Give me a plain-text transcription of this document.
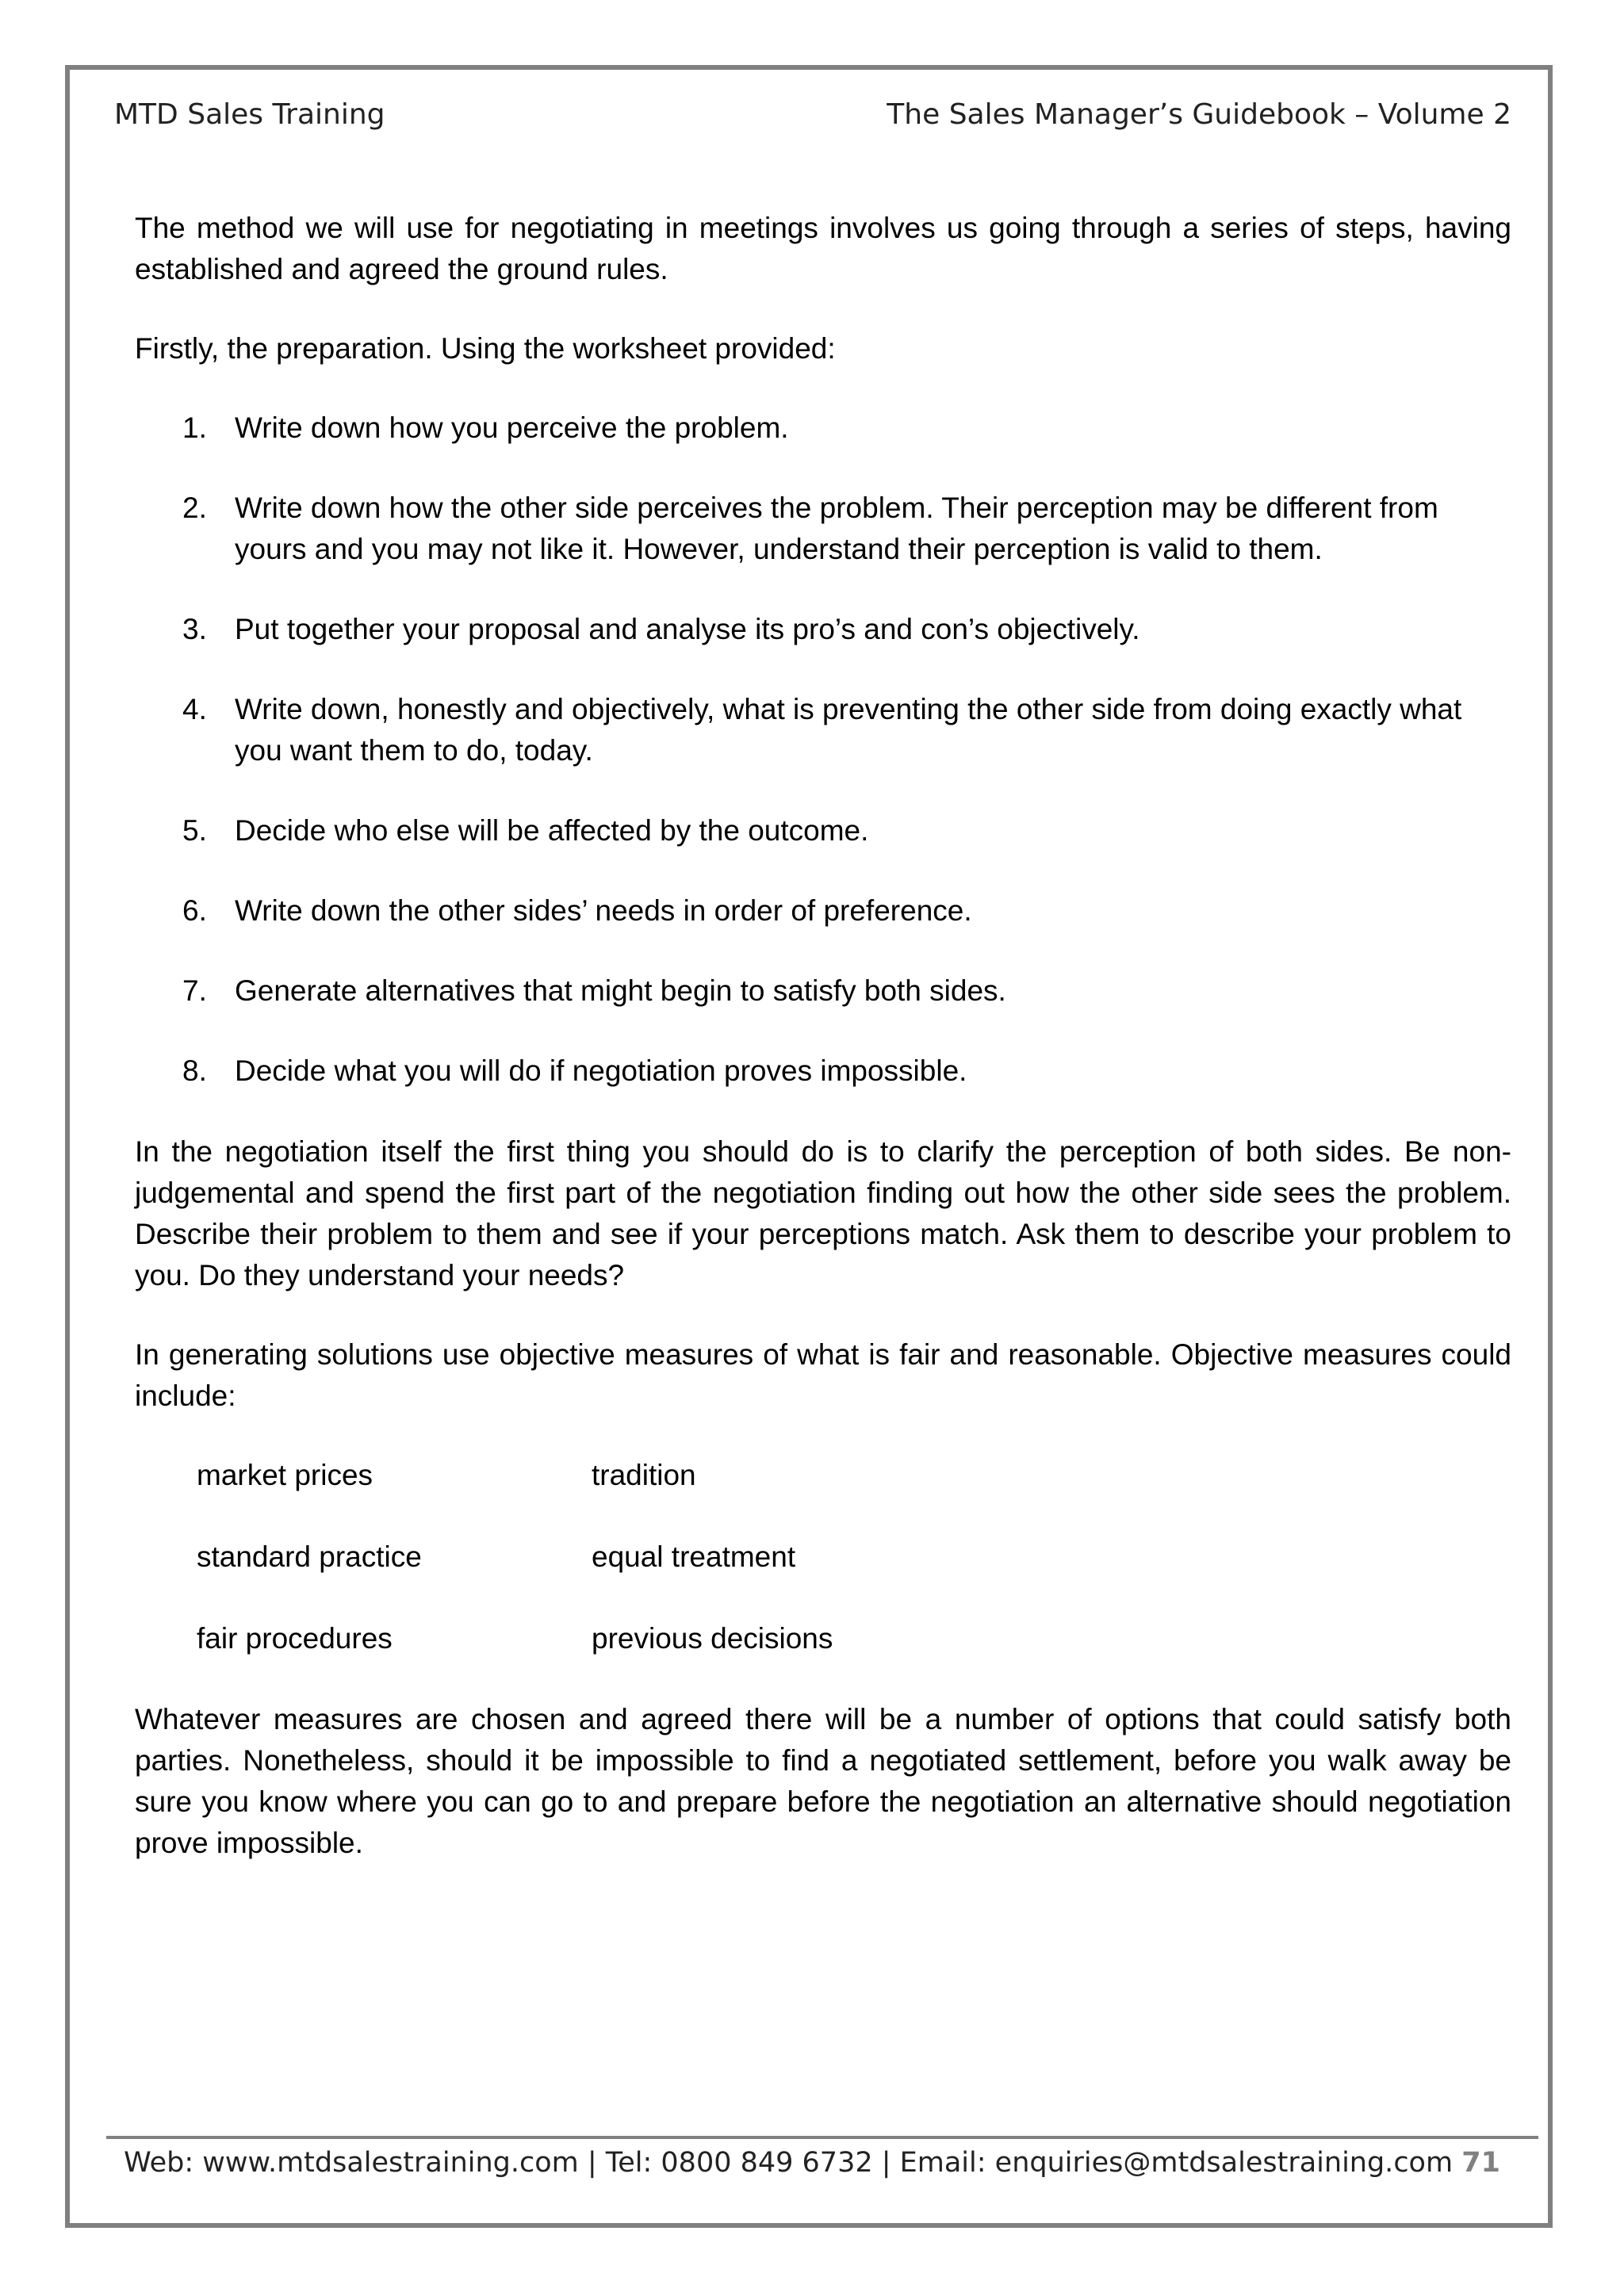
MTD Sales Training	The Sales Manager’s Guidebook – Volume 2

The method we will use for negotiating in meetings involves us going through a series of steps, having established and agreed the ground rules.

Firstly, the preparation. Using the worksheet provided:

1. Write down how you perceive the problem.
2. Write down how the other side perceives the problem. Their perception may be different from yours and you may not like it. However, understand their perception is valid to them.
3. Put together your proposal and analyse its pro’s and con’s objectively.
4. Write down, honestly and objectively, what is preventing the other side from doing exactly what you want them to do, today.
5. Decide who else will be affected by the outcome.
6. Write down the other sides’ needs in order of preference.
7. Generate alternatives that might begin to satisfy both sides.
8. Decide what you will do if negotiation proves impossible.

In the negotiation itself the first thing you should do is to clarify the perception of both sides. Be non-judgemental and spend the first part of the negotiation finding out how the other side sees the problem. Describe their problem to them and see if your perceptions match. Ask them to describe your problem to you. Do they understand your needs?

In generating solutions use objective measures of what is fair and reasonable. Objective measures could include:

market prices	tradition
standard practice	equal treatment
fair procedures	previous decisions

Whatever measures are chosen and agreed there will be a number of options that could satisfy both parties. Nonetheless, should it be impossible to find a negotiated settlement, before you walk away be sure you know where you can go to and prepare before the negotiation an alternative should negotiation prove impossible.

Web: www.mtdsalestraining.com | Tel: 0800 849 6732 | Email: enquiries@mtdsalestraining.com 71
